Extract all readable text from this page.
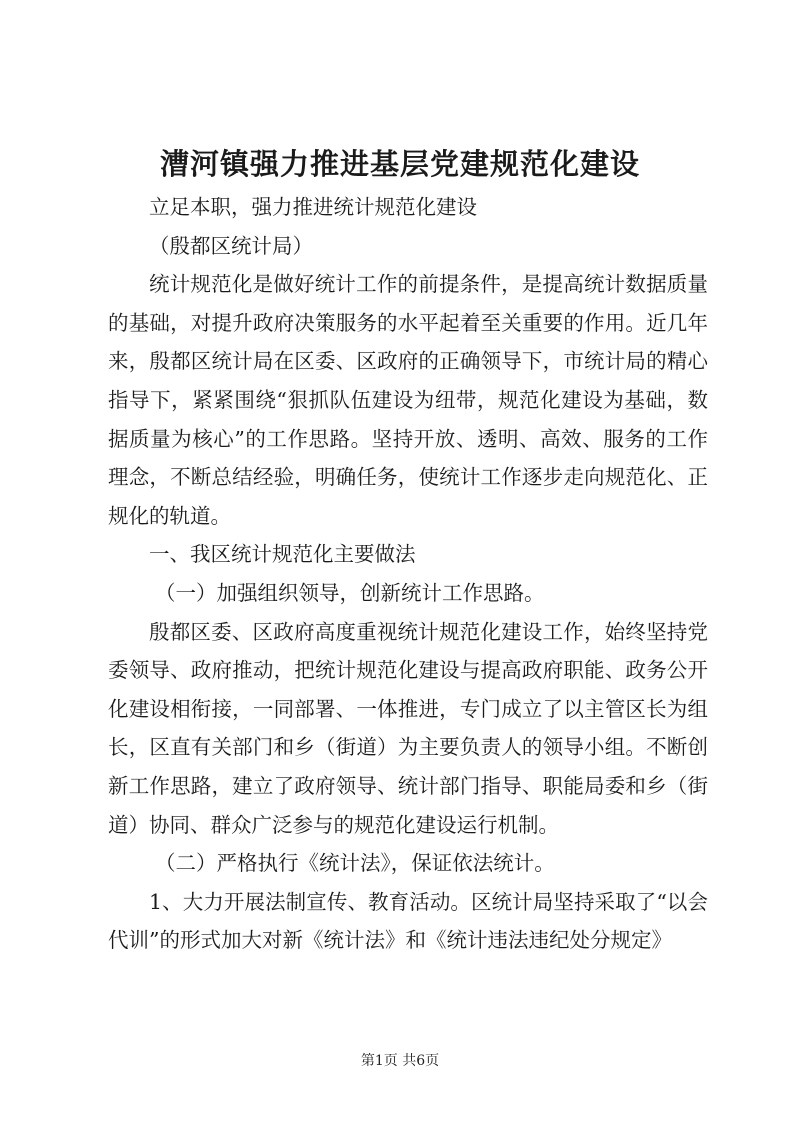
漕河镇强力推进基层党建规范化建设

立足本职，强力推进统计规范化建设

（殷都区统计局）

统计规范化是做好统计工作的前提条件，是提高统计数据质量的基础，对提升政府决策服务的水平起着至关重要的作用。近几年来，殷都区统计局在区委、区政府的正确领导下，市统计局的精心指导下，紧紧围绕“狠抓队伍建设为纽带，规范化建设为基础，数据质量为核心”的工作思路。坚持开放、透明、高效、服务的工作理念，不断总结经验，明确任务，使统计工作逐步走向规范化、正规化的轨道。

一、我区统计规范化主要做法

（一）加强组织领导，创新统计工作思路。

殷都区委、区政府高度重视统计规范化建设工作，始终坚持党委领导、政府推动，把统计规范化建设与提高政府职能、政务公开化建设相衔接，一同部署、一体推进，专门成立了以主管区长为组长，区直有关部门和乡（街道）为主要负责人的领导小组。不断创新工作思路，建立了政府领导、统计部门指导、职能局委和乡（街道）协同、群众广泛参与的规范化建设运行机制。

（二）严格执行《统计法》，保证依法统计。

1、大力开展法制宣传、教育活动。区统计局坚持采取了“以会代训”的形式加大对新《统计法》和《统计违法违纪处分规定》

第1页 共6页
